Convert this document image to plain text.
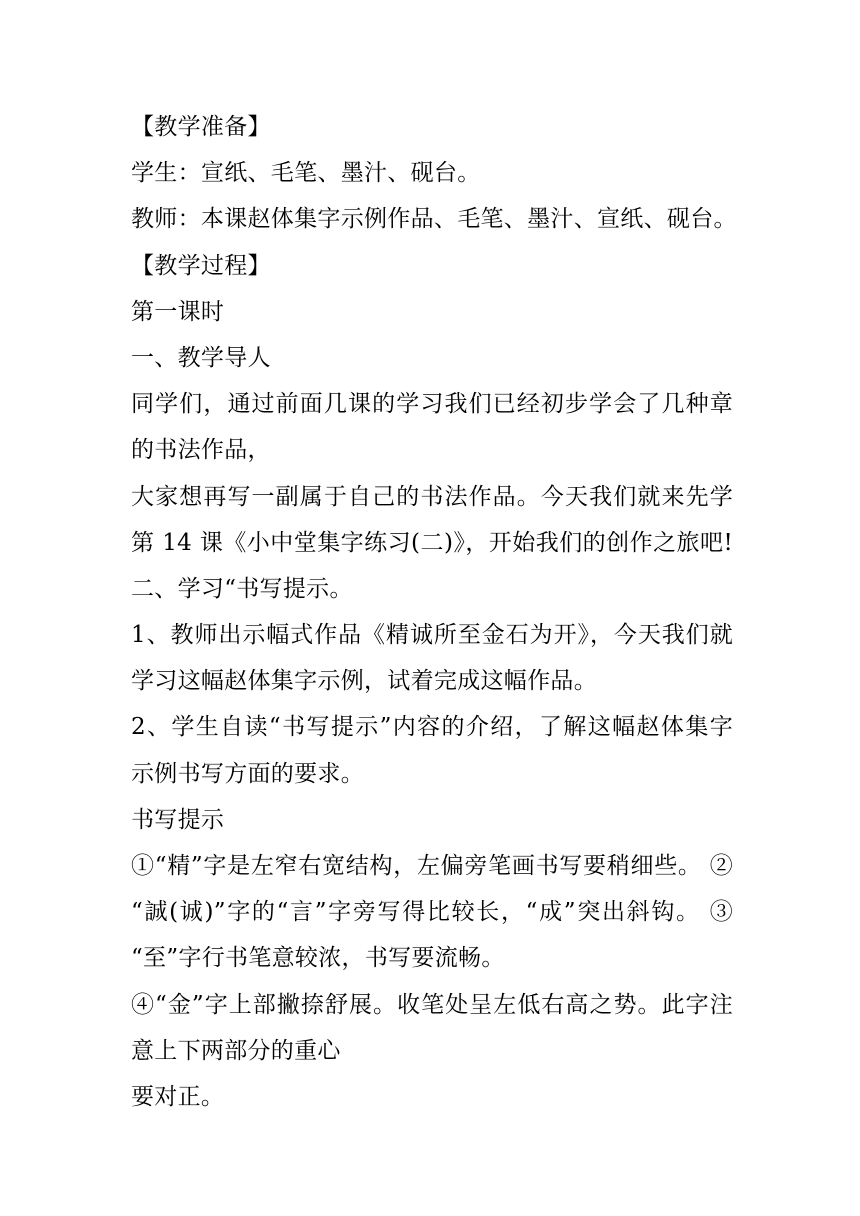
【教学准备】
学生：宣纸、毛笔、墨汁、砚台。
教师：本课赵体集字示例作品、毛笔、墨汁、宣纸、砚台。
【教学过程】
第一课时
一、教学导人
同学们，通过前面几课的学习我们已经初步学会了几种章
的书法作品，
大家想再写一副属于自己的书法作品。今天我们就来先学
第 14 课《小中堂集字练习(二)》，开始我们的创作之旅吧!
二、学习“书写提示。
1、教师出示幅式作品《精诚所至金石为开》，今天我们就
学习这幅赵体集字示例，试着完成这幅作品。
2、学生自读“书写提示”内容的介绍，了解这幅赵体集字
示例书写方面的要求。
书写提示
①“精”字是左窄右宽结构，左偏旁笔画书写要稍细些。 ②
“誠(诚)”字的“言”字旁写得比较长，“成”突出斜钩。 ③
“至”字行书笔意较浓，书写要流畅。
④“金”字上部撇捺舒展。收笔处呈左低右高之势。此字注
意上下两部分的重心
要对正。
